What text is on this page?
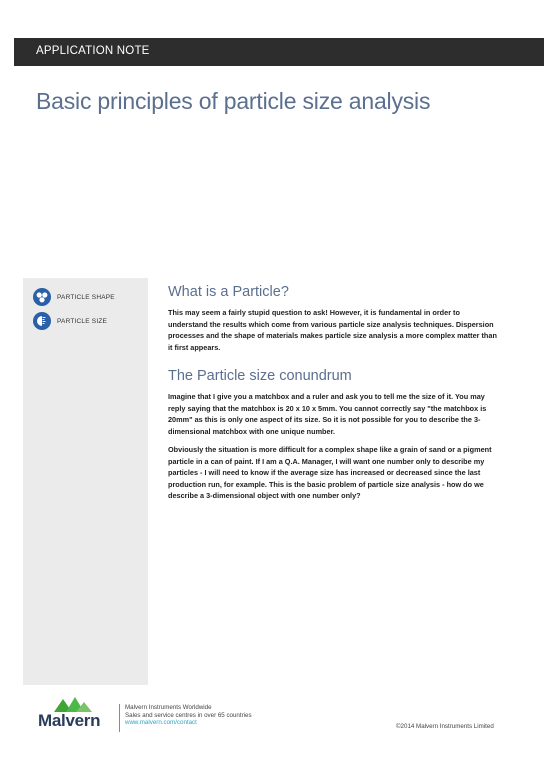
APPLICATION NOTE
Basic principles of particle size analysis
PARTICLE SHAPE
PARTICLE SIZE
What is a Particle?

This may seem a fairly stupid question to ask! However, it is fundamental in order to understand the results which come from various particle size analysis techniques. Dispersion processes and the shape of materials makes particle size analysis a more complex matter than it first appears.

The Particle size conundrum

Imagine that I give you a matchbox and a ruler and ask you to tell me the size of it. You may reply saying that the matchbox is 20 x 10 x 5mm. You cannot correctly say "the matchbox is 20mm" as this is only one aspect of its size. So it is not possible for you to describe the 3-dimensional matchbox with one unique number.

Obviously the situation is more difficult for a complex shape like a grain of sand or a pigment particle in a can of paint. If I am a Q.A. Manager, I will want one number only to describe my particles - I will need to know if the average size has increased or decreased since the last production run, for example. This is the basic problem of particle size analysis - how do we describe a 3-dimensional object with one number only?

Malvern
Malvern Instruments Worldwide
Sales and service centres in over 65 countries
www.malvern.com/contact
©2014 Malvern Instruments Limited
